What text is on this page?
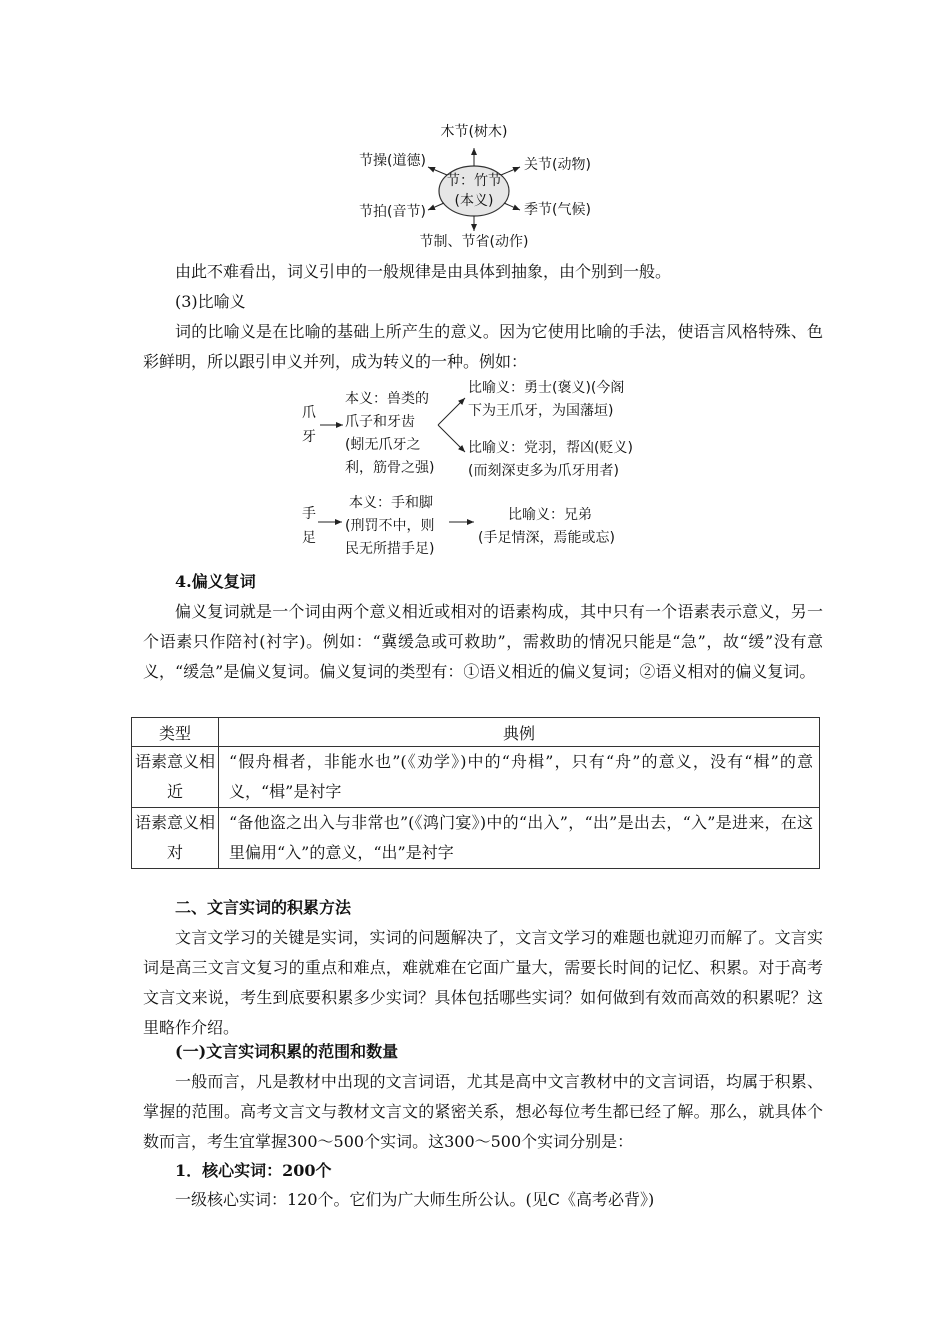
木节(树木)
节操(道德)	关节(动物)
节：竹节
(本义)
节拍(音节)	季节(气候)
节制、节省(动作)
由此不难看出，词义引申的一般规律是由具体到抽象，由个别到一般。
(3)比喻义

词的比喻义是在比喻的基础上所产生的意义。因为它使用比喻的手法，使语言风格特殊、色彩鲜明，所以跟引申义并列，成为转义的一种。例如：

爪
牙
本义：兽类的
爪子和牙齿
(蚓无爪牙之
利，筋骨之强)
比喻义：勇士(褒义)(今阁
下为王爪牙，为国藩垣)
比喻义：党羽，帮凶(贬义)
(而刻深吏多为爪牙用者)
手
足
本义：手和脚
(刑罚不中，则
民无所措手足)
比喻义：兄弟
(手足情深，焉能或忘)
4.偏义复词

偏义复词就是一个词由两个意义相近或相对的语素构成，其中只有一个语素表示意义，另一个语素只作陪衬(衬字)。例如：“冀缓急或可救助”，需救助的情况只能是“急”，故“缓”没有意义，“缓急”是偏义复词。偏义复词的类型有：①语义相近的偏义复词；②语义相对的偏义复词。

类型	典例
语素意义相近	“假舟楫者，非能水也”(《劝学》)中的“舟楫”，只有“舟”的意义，没有“楫”的意义，“楫”是衬字
语素意义相对	“备他盗之出入与非常也”(《鸿门宴》)中的“出入”，“出”是出去，“入”是进来，在这里偏用“入”的意义，“出”是衬字
二、文言实词的积累方法

文言文学习的关键是实词，实词的问题解决了，文言文学习的难题也就迎刃而解了。文言实词是高三文言文复习的重点和难点，难就难在它面广量大，需要长时间的记忆、积累。对于高考文言文来说，考生到底要积累多少实词？具体包括哪些实词？如何做到有效而高效的积累呢？这里略作介绍。

(一)文言实词积累的范围和数量

一般而言，凡是教材中出现的文言词语，尤其是高中文言教材中的文言词语，均属于积累、掌握的范围。高考文言文与教材文言文的紧密关系，想必每位考生都已经了解。那么，就具体个数而言，考生宜掌握300～500个实词。这300～500个实词分别是：

1．核心实词：200个
一级核心实词：120个。它们为广大师生所公认。(见C《高考必背》)
